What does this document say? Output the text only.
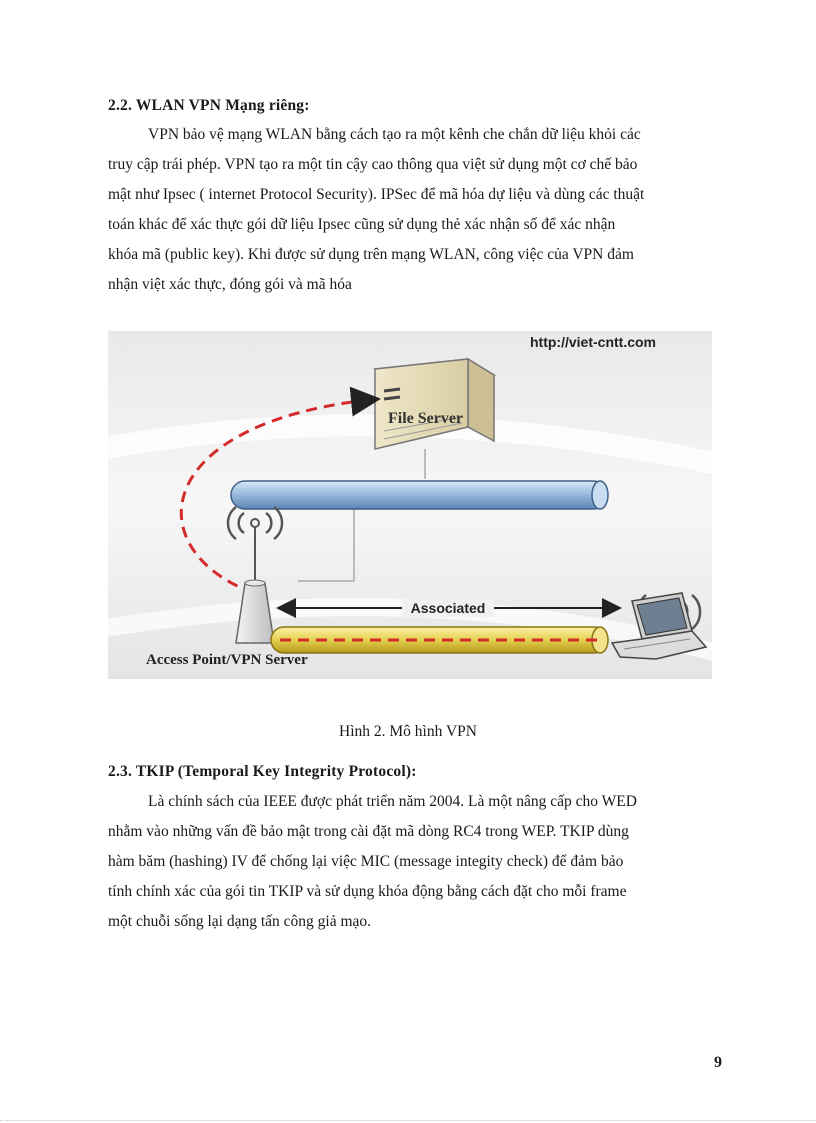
2.2. WLAN VPN Mạng riêng:

VPN bảo vệ mạng WLAN bằng cách tạo ra một kênh che chắn dữ liệu khỏi các
truy cập trái phép. VPN tạo ra một tin cậy cao thông qua việt sử dụng một cơ chế bảo
mật như Ipsec ( internet Protocol Security). IPSec để mã hóa dự liệu và dùng các thuật
toán khác để xác thực gói dữ liệu Ipsec cũng sử dụng thẻ xác nhận số để xác nhận
khóa mã (public key). Khi được sử dụng trên mạng WLAN, công việc của VPN đảm
nhận việt xác thực, đóng gói và mã hóa

http://viet-cntt.com
File Server
Associated
Access Point/VPN Server
Hình 2. Mô hình VPN
2.3. TKIP (Temporal Key Integrity Protocol):

Là chính sách của IEEE được phát triển năm 2004. Là một nâng cấp cho WED
nhằm vào những vấn đề bảo mật trong cài đặt mã dòng RC4 trong WEP. TKIP dùng
hàm băm (hashing) IV để chống lại việc MIC (message integity check) để đảm bảo
tính chính xác của gói tin TKIP và sử dụng khóa động bằng cách đặt cho mỗi frame
một chuỗi sống lại dạng tấn công giả mạo.

9
